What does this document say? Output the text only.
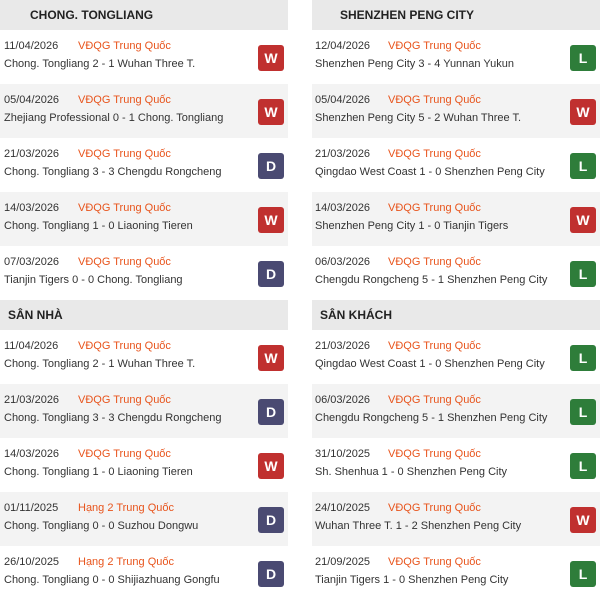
CHONG. TONGLIANG
11/04/2026 VĐQG Trung Quốc
Chong. Tongliang 2 - 1 Wuhan Three T.	W
05/04/2026 VĐQG Trung Quốc
Zhejiang Professional 0 - 1 Chong. Tongliang	W
21/03/2026 VĐQG Trung Quốc
Chong. Tongliang 3 - 3 Chengdu Rongcheng	D
14/03/2026 VĐQG Trung Quốc
Chong. Tongliang 1 - 0 Liaoning Tieren	W
07/03/2026 VĐQG Trung Quốc
Tianjin Tigers 0 - 0 Chong. Tongliang	D
SÂN NHÀ
11/04/2026 VĐQG Trung Quốc
Chong. Tongliang 2 - 1 Wuhan Three T.	W
21/03/2026 VĐQG Trung Quốc
Chong. Tongliang 3 - 3 Chengdu Rongcheng	D
14/03/2026 VĐQG Trung Quốc
Chong. Tongliang 1 - 0 Liaoning Tieren	W
01/11/2025 Hạng 2 Trung Quốc
Chong. Tongliang 0 - 0 Suzhou Dongwu	D
26/10/2025 Hạng 2 Trung Quốc
Chong. Tongliang 0 - 0 Shijiazhuang Gongfu	D
SHENZHEN PENG CITY
12/04/2026 VĐQG Trung Quốc
Shenzhen Peng City 3 - 4 Yunnan Yukun	L
05/04/2026 VĐQG Trung Quốc
Shenzhen Peng City 5 - 2 Wuhan Three T.	W
21/03/2026 VĐQG Trung Quốc
Qingdao West Coast 1 - 0 Shenzhen Peng City	L
14/03/2026 VĐQG Trung Quốc
Shenzhen Peng City 1 - 0 Tianjin Tigers	W
06/03/2026 VĐQG Trung Quốc
Chengdu Rongcheng 5 - 1 Shenzhen Peng City	L
SÂN KHÁCH
21/03/2026 VĐQG Trung Quốc
Qingdao West Coast 1 - 0 Shenzhen Peng City	L
06/03/2026 VĐQG Trung Quốc
Chengdu Rongcheng 5 - 1 Shenzhen Peng City	L
31/10/2025 VĐQG Trung Quốc
Sh. Shenhua 1 - 0 Shenzhen Peng City	L
24/10/2025 VĐQG Trung Quốc
Wuhan Three T. 1 - 2 Shenzhen Peng City	W
21/09/2025 VĐQG Trung Quốc
Tianjin Tigers 1 - 0 Shenzhen Peng City	L
